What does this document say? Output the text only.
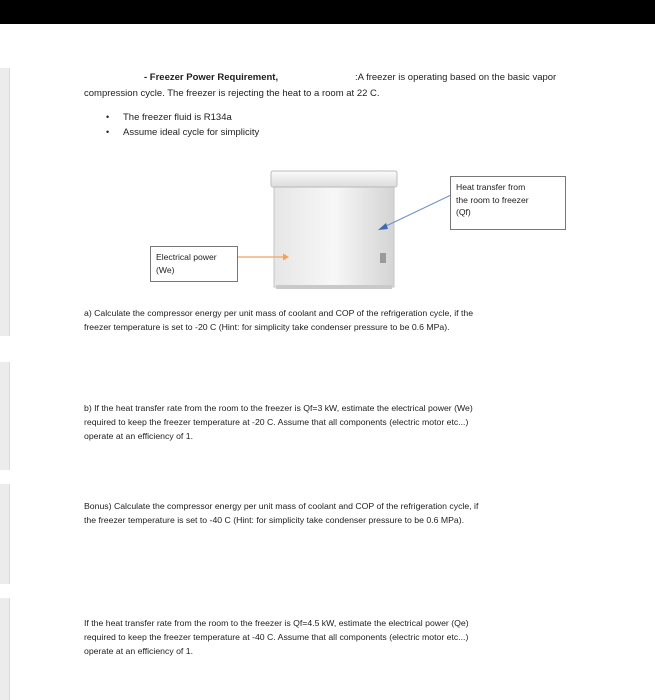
- Freezer Power Requirement,	:A freezer is operating based on the basic vapor
compression cycle. The freezer is rejecting the heat to a room at 22 C.
• The freezer fluid is R134a
• Assume ideal cycle for simplicity
Heat transfer from
the room to freezer
(Qf)
Electrical power
(We)
a) Calculate the compressor energy per unit mass of coolant and COP of the refrigeration cycle, if the
freezer temperature is set to -20 C (Hint: for simplicity take condenser pressure to be 0.6 MPa).
b) If the heat transfer rate from the room to the freezer is Qf=3 kW, estimate the electrical power (We)
required to keep the freezer temperature at -20 C. Assume that all components (electric motor etc...)
operate at an efficiency of 1.
Bonus) Calculate the compressor energy per unit mass of coolant and COP of the refrigeration cycle, if
the freezer temperature is set to -40 C (Hint: for simplicity take condenser pressure to be 0.6 MPa).
If the heat transfer rate from the room to the freezer is Qf=4.5 kW, estimate the electrical power (Qe)
required to keep the freezer temperature at -40 C. Assume that all components (electric motor etc...)
operate at an efficiency of 1.
